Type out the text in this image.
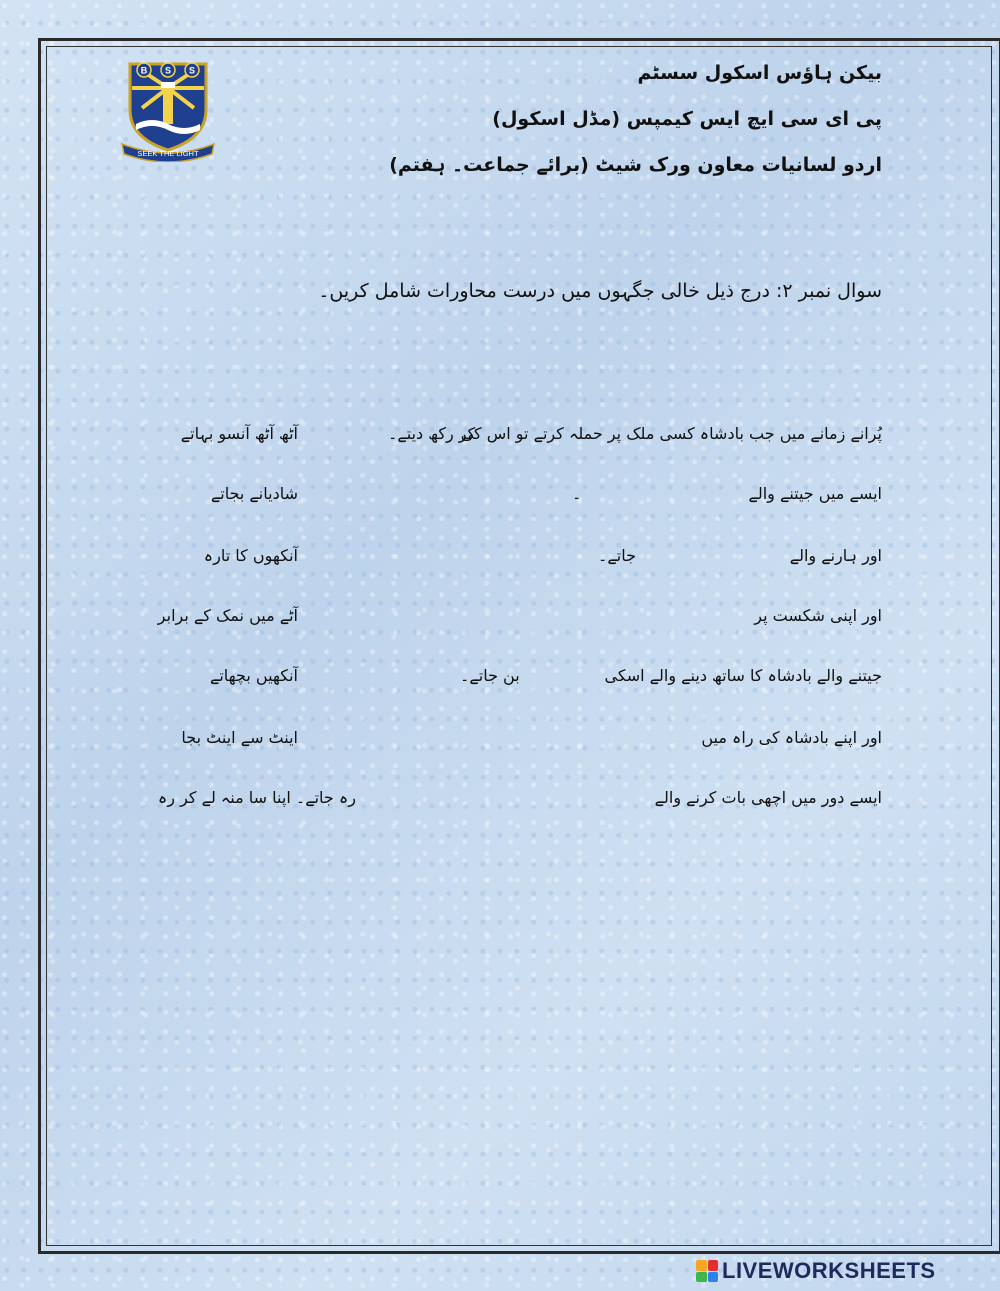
B S S
SEEK THE LIGHT
بیکن ہاؤس اسکول سسٹم
پی ای سی ایچ ایس کیمپس (مڈل اسکول)
اردو لسانیات معاون ورک شیٹ (برائے جماعت۔ ہفتم)
سوال نمبر ۲: درج ذیل خالی جگہوں میں درست محاورات شامل کریں۔
پُرانے زمانے میں جب بادشاہ کسی ملک پر حملہ کرتے تو اس کی
کر رکھ دیتے۔
ایسے میں جیتنے والے
۔
اور ہارنے والے
جاتے۔
اور اپنی شکست پر
جیتنے والے بادشاہ کا ساتھ دینے والے اسکی
بن جاتے۔
اور اپنے بادشاہ کی راہ میں
ایسے دور میں اچھی بات کرنے والے
آٹھ آٹھ آنسو بہاتے
شادیانے بجاتے
آنکھوں کا تارہ
آٹے میں نمک کے برابر
آنکھیں بچھاتے
اینٹ سے اینٹ بجا
رہ جاتے۔ اپنا سا منہ لے کر رہ
LIVEWORKSHEETS
